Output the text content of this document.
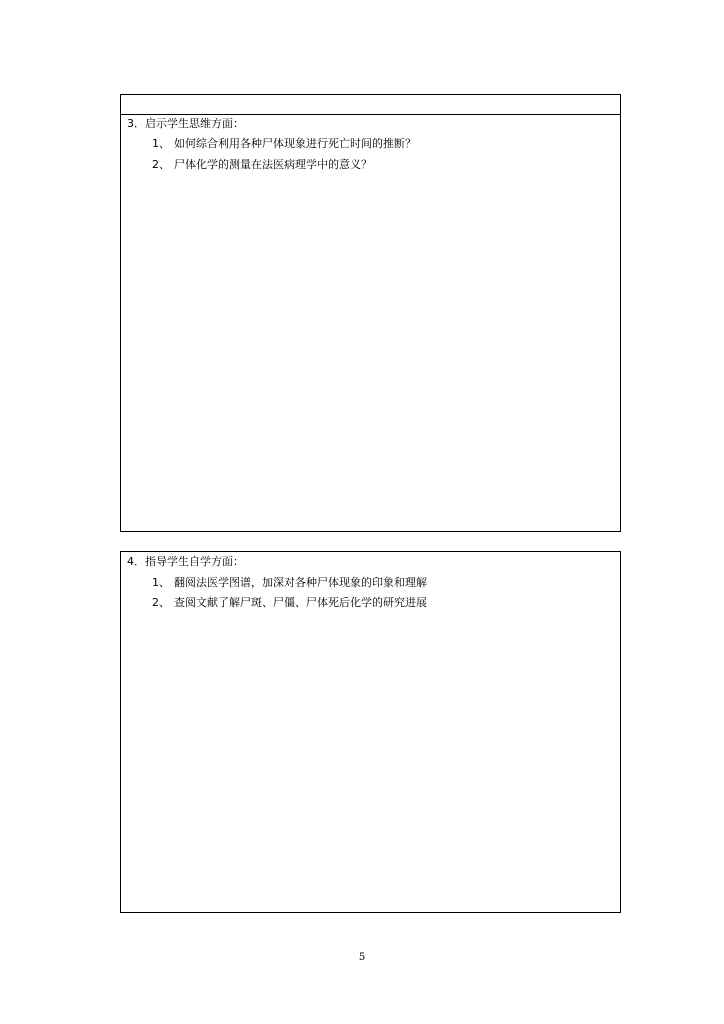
3．启示学生思维方面：
1、 如何综合利用各种尸体现象进行死亡时间的推断？
2、 尸体化学的测量在法医病理学中的意义？
4．指导学生自学方面：
1、 翻阅法医学图谱，加深对各种尸体现象的印象和理解
2、 查阅文献了解尸斑、尸僵、尸体死后化学的研究进展
5
